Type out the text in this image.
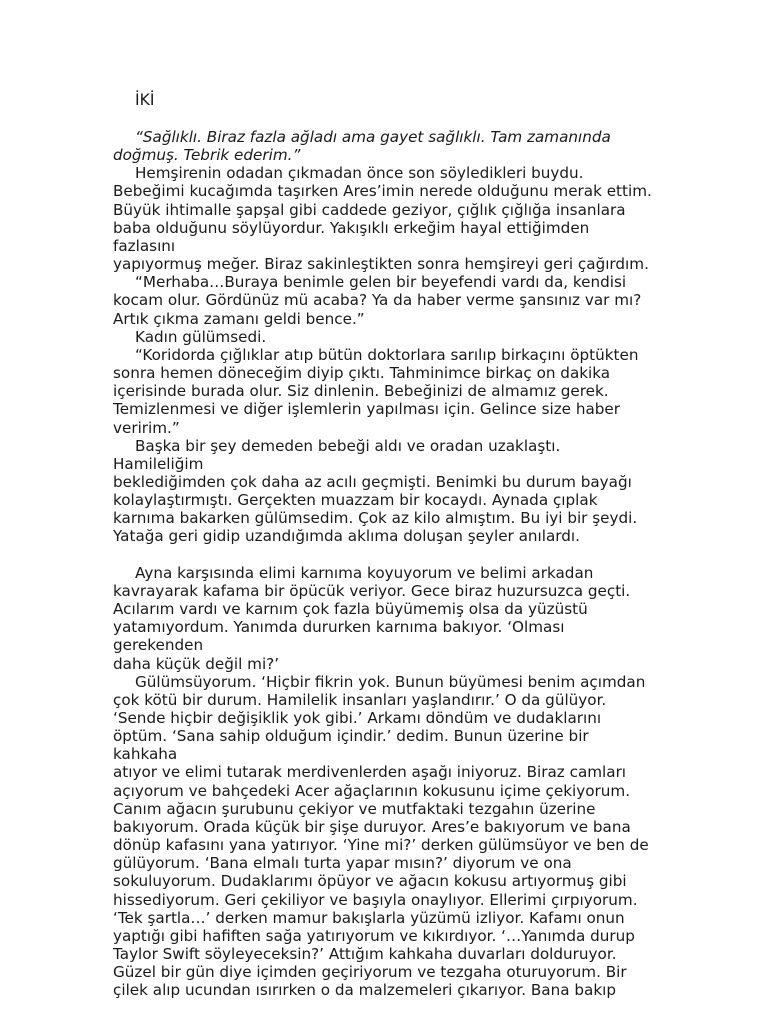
İKİ

“Sağlıklı. Biraz fazla ağladı ama gayet sağlıklı. Tam zamanında
doğmuş. Tebrik ederim.”

Hemşirenin odadan çıkmadan önce son söyledikleri buydu.
Bebeğimi kucağımda taşırken Ares’imin nerede olduğunu merak ettim.
Büyük ihtimalle şapşal gibi caddede geziyor, çığlık çığlığa insanlara
baba olduğunu söylüyordur. Yakışıklı erkeğim hayal ettiğimden fazlasını
yapıyormuş meğer. Biraz sakinleştikten sonra hemşireyi geri çağırdım.

“Merhaba…Buraya benimle gelen bir beyefendi vardı da, kendisi
kocam olur. Gördünüz mü acaba? Ya da haber verme şansınız var mı?
Artık çıkma zamanı geldi bence.”

Kadın gülümsedi.

“Koridorda çığlıklar atıp bütün doktorlara sarılıp birkaçını öptükten
sonra hemen döneceğim diyip çıktı. Tahminimce birkaç on dakika
içerisinde burada olur. Siz dinlenin. Bebeğinizi de almamız gerek.
Temizlenmesi ve diğer işlemlerin yapılması için. Gelince size haber
veririm.”

Başka bir şey demeden bebeği aldı ve oradan uzaklaştı. Hamileliğim
beklediğimden çok daha az acılı geçmişti. Benimki bu durum bayağı
kolaylaştırmıştı. Gerçekten muazzam bir kocaydı. Aynada çıplak
karnıma bakarken gülümsedim. Çok az kilo almıştım. Bu iyi bir şeydi.
Yatağa geri gidip uzandığımda aklıma doluşan şeyler anılardı.

Ayna karşısında elimi karnıma koyuyorum ve belimi arkadan
kavrayarak kafama bir öpücük veriyor. Gece biraz huzursuzca geçti.
Acılarım vardı ve karnım çok fazla büyümemiş olsa da yüzüstü
yatamıyordum. Yanımda dururken karnıma bakıyor. ‘Olması gerekenden
daha küçük değil mi?’

Gülümsüyorum. ‘Hiçbir fikrin yok. Bunun büyümesi benim açımdan
çok kötü bir durum. Hamilelik insanları yaşlandırır.’ O da gülüyor.
‘Sende hiçbir değişiklik yok gibi.’ Arkamı döndüm ve dudaklarını
öptüm. ‘Sana sahip olduğum içindir.’ dedim. Bunun üzerine bir kahkaha
atıyor ve elimi tutarak merdivenlerden aşağı iniyoruz. Biraz camları
açıyorum ve bahçedeki Acer ağaçlarının kokusunu içime çekiyorum.
Canım ağacın şurubunu çekiyor ve mutfaktaki tezgahın üzerine
bakıyorum. Orada küçük bir şişe duruyor. Ares’e bakıyorum ve bana
dönüp kafasını yana yatırıyor. ‘Yine mi?’ derken gülümsüyor ve ben de
gülüyorum. ‘Bana elmalı turta yapar mısın?’ diyorum ve ona
sokuluyorum. Dudaklarımı öpüyor ve ağacın kokusu artıyormuş gibi
hissediyorum. Geri çekiliyor ve başıyla onaylıyor. Ellerimi çırpıyorum.
‘Tek şartla…’ derken mamur bakışlarla yüzümü izliyor. Kafamı onun
yaptığı gibi hafiften sağa yatırıyorum ve kıkırdıyor. ‘…Yanımda durup
Taylor Swift söyleyeceksin?’ Attığım kahkaha duvarları dolduruyor.
Güzel bir gün diye içimden geçiriyorum ve tezgaha oturuyorum. Bir
çilek alıp ucundan ısırırken o da malzemeleri çıkarıyor. Bana bakıp
